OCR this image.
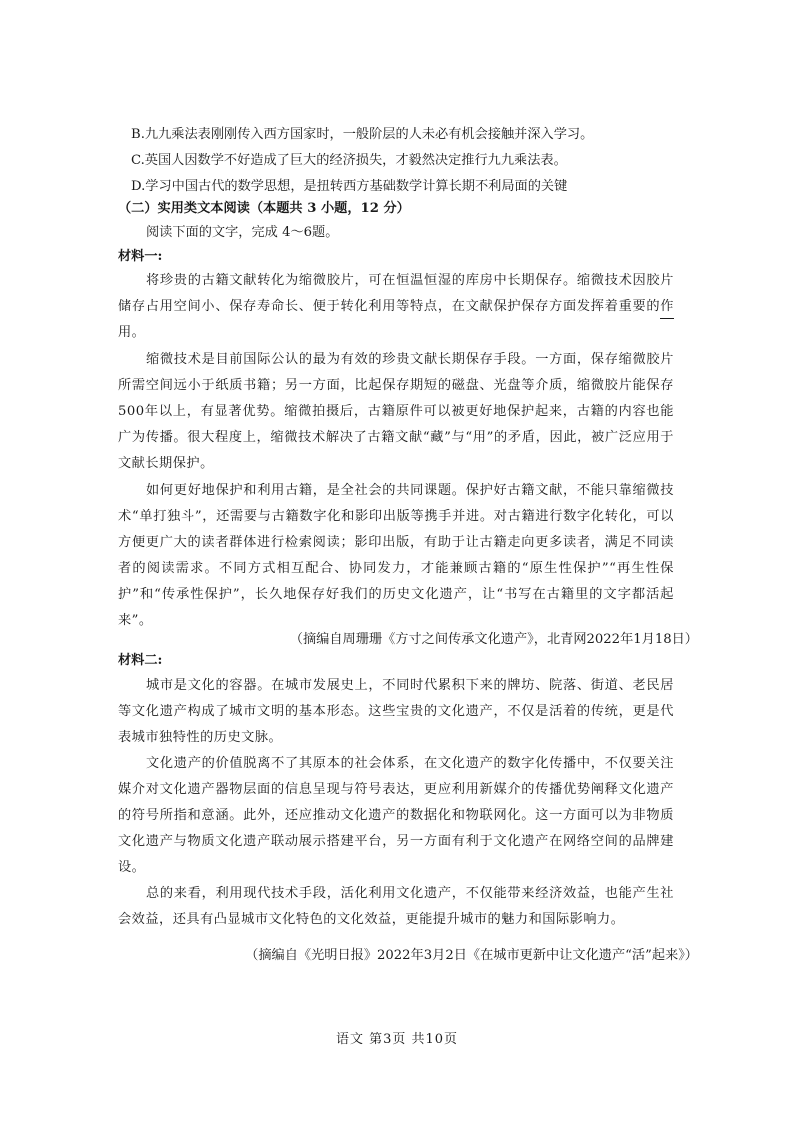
B.九九乘法表刚刚传入西方国家时，一般阶层的人未必有机会接触并深入学习。
C.英国人因数学不好造成了巨大的经济损失，才毅然决定推行九九乘法表。
D.学习中国古代的数学思想，是扭转西方基础数学计算长期不利局面的关键
（二）实用类文本阅读（本题共 3 小题，12 分）
阅读下面的文字，完成 4～6题。
材料一:
将珍贵的古籍文献转化为缩微胶片，可在恒温恒湿的库房中长期保存。缩微技术因胶片储存占用空间小、保存寿命长、便于转化利用等特点，在文献保护保存方面发挥着重要的作用。
缩微技术是目前国际公认的最为有效的珍贵文献长期保存手段。一方面，保存缩微胶片所需空间远小于纸质书籍；另一方面，比起保存期短的磁盘、光盘等介质，缩微胶片能保存500年以上，有显著优势。缩微拍摄后，古籍原件可以被更好地保护起来，古籍的内容也能广为传播。很大程度上，缩微技术解决了古籍文献“藏”与“用”的矛盾，因此，被广泛应用于文献长期保护。
如何更好地保护和利用古籍，是全社会的共同课题。保护好古籍文献，不能只靠缩微技术“单打独斗”，还需要与古籍数字化和影印出版等携手并进。对古籍进行数字化转化，可以方便更广大的读者群体进行检索阅读；影印出版，有助于让古籍走向更多读者，满足不同读者的阅读需求。不同方式相互配合、协同发力，才能兼顾古籍的“原生性保护”“再生性保护”和“传承性保护”，长久地保存好我们的历史文化遗产，让“书写在古籍里的文字都活起来”。
（摘编自周珊珊《方寸之间传承文化遗产》，北青网2022年1月18日）
材料二:
城市是文化的容器。在城市发展史上，不同时代累积下来的牌坊、院落、街道、老民居等文化遗产构成了城市文明的基本形态。这些宝贵的文化遗产，不仅是活着的传统，更是代表城市独特性的历史文脉。
文化遗产的价值脱离不了其原本的社会体系，在文化遗产的数字化传播中，不仅要关注媒介对文化遗产器物层面的信息呈现与符号表达，更应利用新媒介的传播优势阐释文化遗产的符号所指和意涵。此外，还应推动文化遗产的数据化和物联网化。这一方面可以为非物质文化遗产与物质文化遗产联动展示搭建平台，另一方面有利于文化遗产在网络空间的品牌建设。
总的来看，利用现代技术手段，活化利用文化遗产，不仅能带来经济效益，也能产生社会效益，还具有凸显城市文化特色的文化效益，更能提升城市的魅力和国际影响力。
（摘编自《光明日报》2022年3月2日《在城市更新中让文化遗产“活”起来》）
语文 第3页 共10页
